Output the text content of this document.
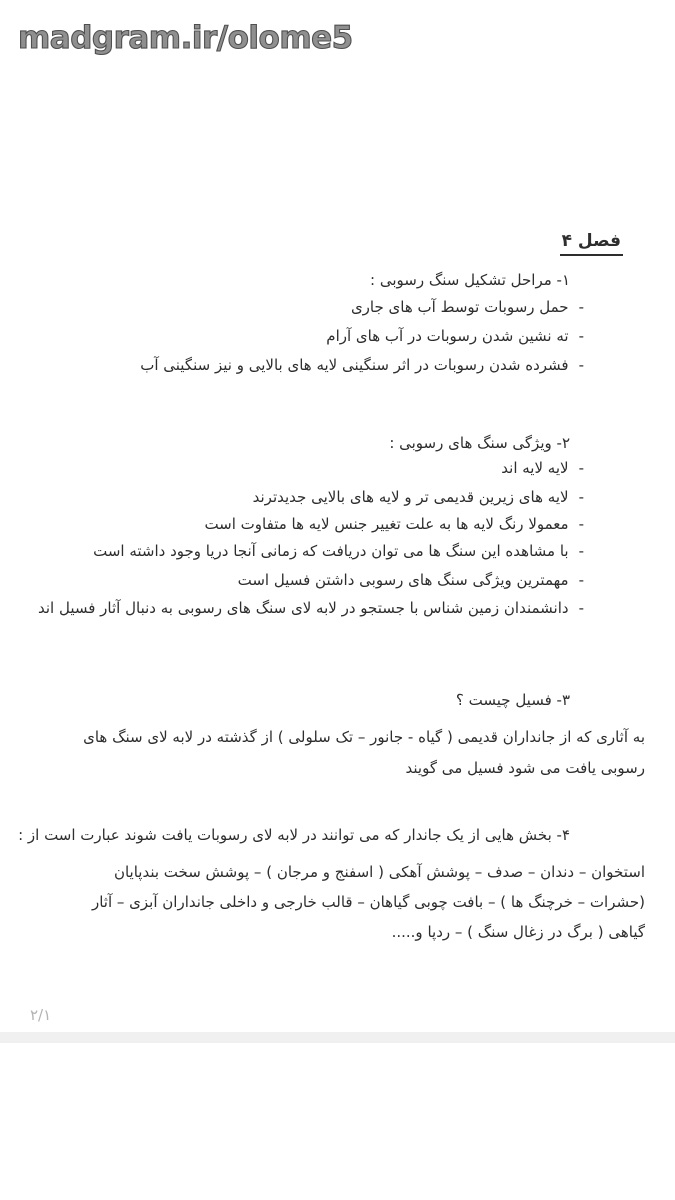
madgram.ir/olome5
فصل ۴
۱- مراحل تشکیل سنگ رسوبی :
-
حمل رسوبات توسط آب های جاری
-
ته نشین شدن رسوبات در آب های آرام
-
فشرده شدن رسوبات در اثر سنگینی لایه های بالایی و نیز سنگینی آب
۲- ویژگی سنگ های رسوبی :
-
لایه لایه اند
-
لایه های زیرین قدیمی تر و لایه های بالایی جدیدترند
-
معمولا رنگ لایه ها به علت تغییر جنس لایه ها متفاوت است
-
با مشاهده این سنگ ها می توان دریافت که زمانی آنجا دریا وجود داشته است
-
مهمترین ویژگی سنگ های رسوبی داشتن فسیل است
-
دانشمندان زمین شناس با جستجو در لابه لای سنگ های رسوبی به دنبال آثار فسیل اند
۳- فسیل چیست ؟
به آثاری که از جانداران قدیمی ( گیاه - جانور – تک سلولی ) از گذشته در لابه لای سنگ های رسوبی یافت می شود فسیل می گویند
۴- بخش هایی از یک جاندار که می توانند در لابه لای رسوبات یافت شوند عبارت است از :
استخوان – دندان – صدف – پوشش آهکی ( اسفنج و مرجان ) – پوشش سخت بندپایان (حشرات – خرچنگ ها ) – بافت چوبی گیاهان – قالب خارجی و داخلی جانداران آبزی – آثار گیاهی ( برگ در زغال سنگ ) – ردپا و.....
۲/۱
